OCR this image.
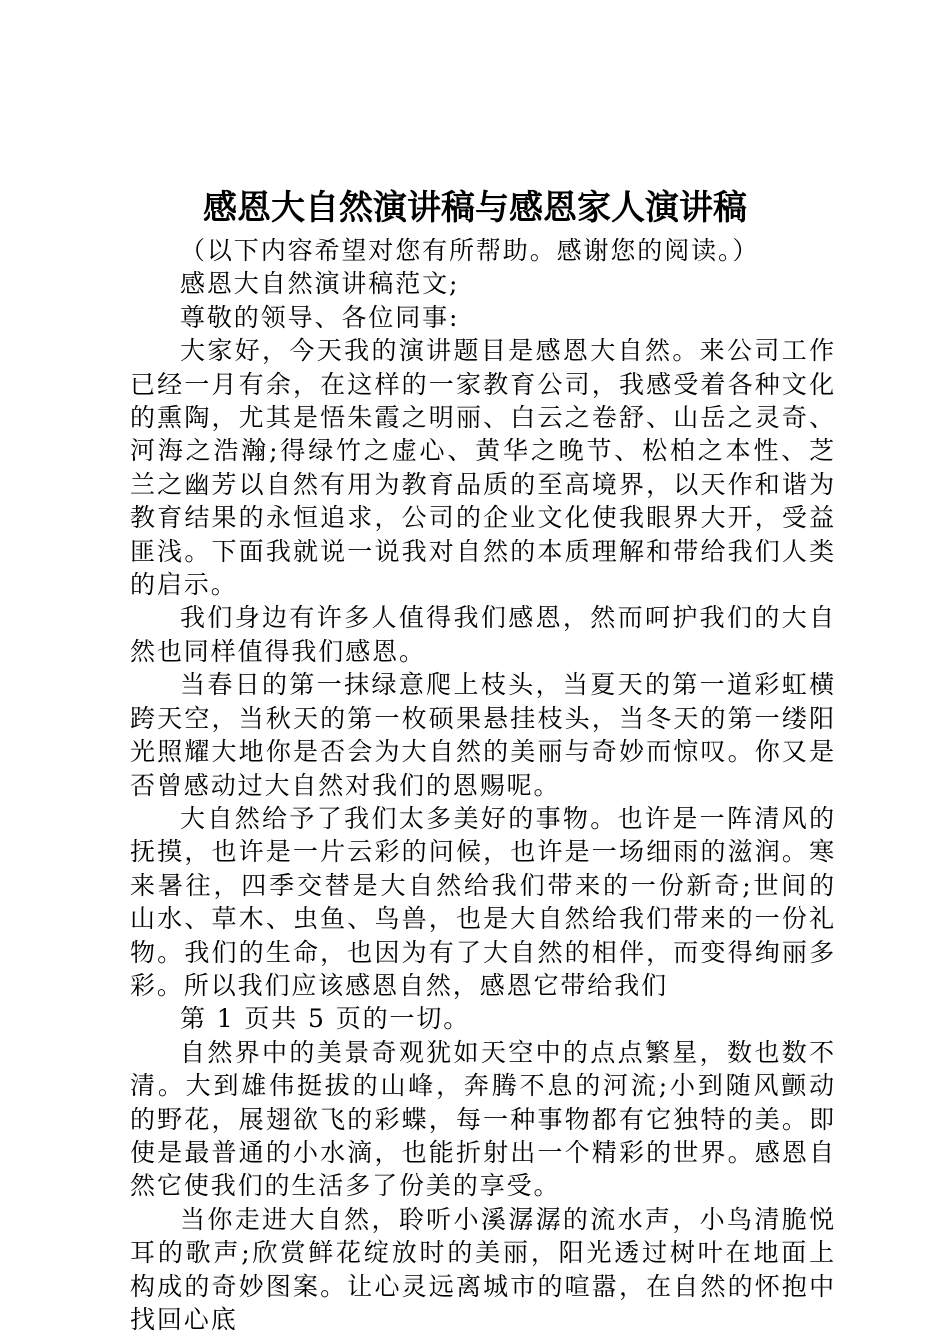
感恩大自然演讲稿与感恩家人演讲稿

（以下内容希望对您有所帮助。感谢您的阅读。）

感恩大自然演讲稿范文;

尊敬的领导、各位同事:

大家好，今天我的演讲题目是感恩大自然。来公司工作已经一月有余，在这样的一家教育公司，我感受着各种文化的熏陶，尤其是悟朱霞之明丽、白云之卷舒、山岳之灵奇、河海之浩瀚;得绿竹之虚心、黄华之晚节、松柏之本性、芝兰之幽芳以自然有用为教育品质的至高境界，以天作和谐为教育结果的永恒追求，公司的企业文化使我眼界大开，受益匪浅。下面我就说一说我对自然的本质理解和带给我们人类的启示。

我们身边有许多人值得我们感恩，然而呵护我们的大自然也同样值得我们感恩。

当春日的第一抹绿意爬上枝头，当夏天的第一道彩虹横跨天空，当秋天的第一枚硕果悬挂枝头，当冬天的第一缕阳光照耀大地你是否会为大自然的美丽与奇妙而惊叹。你又是否曾感动过大自然对我们的恩赐呢。

大自然给予了我们太多美好的事物。也许是一阵清风的抚摸，也许是一片云彩的问候，也许是一场细雨的滋润。寒来暑往，四季交替是大自然给我们带来的一份新奇;世间的山水、草木、虫鱼、鸟兽，也是大自然给我们带来的一份礼物。我们的生命，也因为有了大自然的相伴，而变得绚丽多彩。所以我们应该感恩自然，感恩它带给我们

第 1 页共 5 页的一切。

自然界中的美景奇观犹如天空中的点点繁星，数也数不清。大到雄伟挺拔的山峰，奔腾不息的河流;小到随风颤动的野花，展翅欲飞的彩蝶，每一种事物都有它独特的美。即使是最普通的小水滴，也能折射出一个精彩的世界。感恩自然它使我们的生活多了份美的享受。

当你走进大自然，聆听小溪潺潺的流水声，小鸟清脆悦耳的歌声;欣赏鲜花绽放时的美丽，阳光透过树叶在地面上构成的奇妙图案。让心灵远离城市的喧嚣，在自然的怀抱中找回心底
